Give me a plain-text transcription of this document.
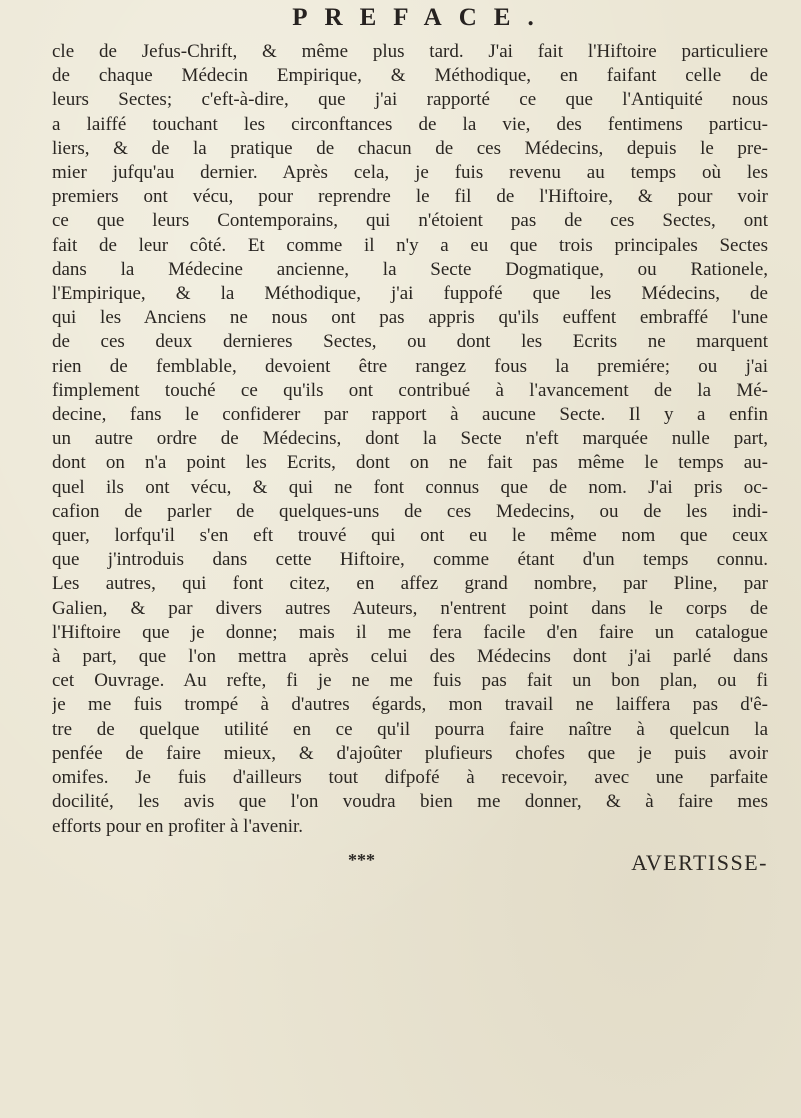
PREFACE.
cle de Jefus-Chrift, & même plus tard. J'ai fait l'Hiftoire particuliere
de chaque Médecin Empirique, & Méthodique, en faifant celle de
leurs Sectes; c'eft-à-dire, que j'ai rapporté ce que l'Antiquité nous
a laiffé touchant les circonftances de la vie, des fentimens particu-
liers, & de la pratique de chacun de ces Médecins, depuis le pre-
mier jufqu'au dernier. Après cela, je fuis revenu au temps où les
premiers ont vécu, pour reprendre le fil de l'Hiftoire, & pour voir
ce que leurs Contemporains, qui n'étoient pas de ces Sectes, ont
fait de leur côté. Et comme il n'y a eu que trois principales Sectes
dans la Médecine ancienne, la Secte Dogmatique, ou Rationele,
l'Empirique, & la Méthodique, j'ai fuppofé que les Médecins, de
qui les Anciens ne nous ont pas appris qu'ils euffent embraffé l'une
de ces deux dernieres Sectes, ou dont les Ecrits ne marquent
rien de femblable, devoient être rangez fous la premiére; ou j'ai
fimplement touché ce qu'ils ont contribué à l'avancement de la Mé-
decine, fans le confiderer par rapport à aucune Secte. Il y a enfin
un autre ordre de Médecins, dont la Secte n'eft marquée nulle part,
dont on n'a point les Ecrits, dont on ne fait pas même le temps au-
quel ils ont vécu, & qui ne font connus que de nom. J'ai pris oc-
cafion de parler de quelques-uns de ces Medecins, ou de les indi-
quer, lorfqu'il s'en eft trouvé qui ont eu le même nom que ceux
que j'introduis dans cette Hiftoire, comme étant d'un temps connu.
Les autres, qui font citez, en affez grand nombre, par Pline, par
Galien, & par divers autres Auteurs, n'entrent point dans le corps de
l'Hiftoire que je donne; mais il me fera facile d'en faire un catalogue
à part, que l'on mettra après celui des Médecins dont j'ai parlé dans
cet Ouvrage. Au refte, fi je ne me fuis pas fait un bon plan, ou fi
je me fuis trompé à d'autres égards, mon travail ne laiffera pas d'ê-
tre de quelque utilité en ce qu'il pourra faire naître à quelcun la
penfée de faire mieux, & d'ajoûter plufieurs chofes que je puis avoir
omifes. Je fuis d'ailleurs tout difpofé à recevoir, avec une parfaite
docilité, les avis que l'on voudra bien me donner, & à faire mes
efforts pour en profiter à l'avenir.
***	AVERTISSE-
